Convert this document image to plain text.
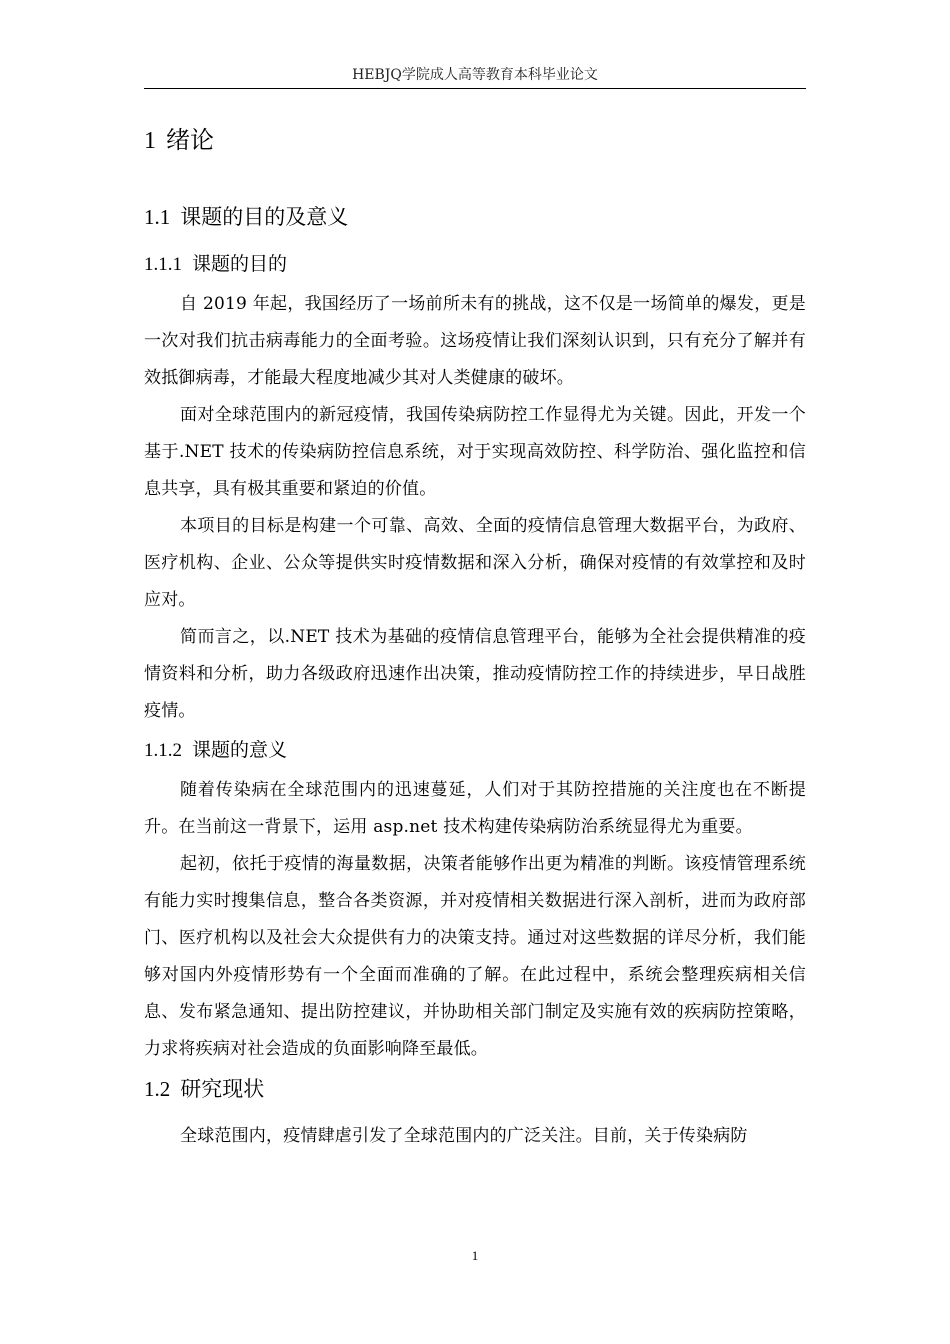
HEBJQ学院成人高等教育本科毕业论文
1 绪论
1.1 课题的目的及意义
1.1.1 课题的目的

自 2019 年起，我国经历了一场前所未有的挑战，这不仅是一场简单的爆发，更是一次对我们抗击病毒能力的全面考验。这场疫情让我们深刻认识到，只有充分了解并有效抵御病毒，才能最大程度地减少其对人类健康的破坏。

面对全球范围内的新冠疫情，我国传染病防控工作显得尤为关键。因此，开发一个基于.NET 技术的传染病防控信息系统，对于实现高效防控、科学防治、强化监控和信息共享，具有极其重要和紧迫的价值。

本项目的目标是构建一个可靠、高效、全面的疫情信息管理大数据平台，为政府、医疗机构、企业、公众等提供实时疫情数据和深入分析，确保对疫情的有效掌控和及时应对。

简而言之，以.NET 技术为基础的疫情信息管理平台，能够为全社会提供精准的疫情资料和分析，助力各级政府迅速作出决策，推动疫情防控工作的持续进步，早日战胜疫情。

1.1.2 课题的意义

随着传染病在全球范围内的迅速蔓延，人们对于其防控措施的关注度也在不断提升。在当前这一背景下，运用 asp.net 技术构建传染病防治系统显得尤为重要。

起初，依托于疫情的海量数据，决策者能够作出更为精准的判断。该疫情管理系统有能力实时搜集信息，整合各类资源，并对疫情相关数据进行深入剖析，进而为政府部门、医疗机构以及社会大众提供有力的决策支持。通过对这些数据的详尽分析，我们能够对国内外疫情形势有一个全面而准确的了解。在此过程中，系统会整理疾病相关信息、发布紧急通知、提出防控建议，并协助相关部门制定及实施有效的疾病防控策略，力求将疾病对社会造成的负面影响降至最低。

1.2 研究现状

全球范围内，疫情肆虐引发了全球范围内的广泛关注。目前，关于传染病防

1
